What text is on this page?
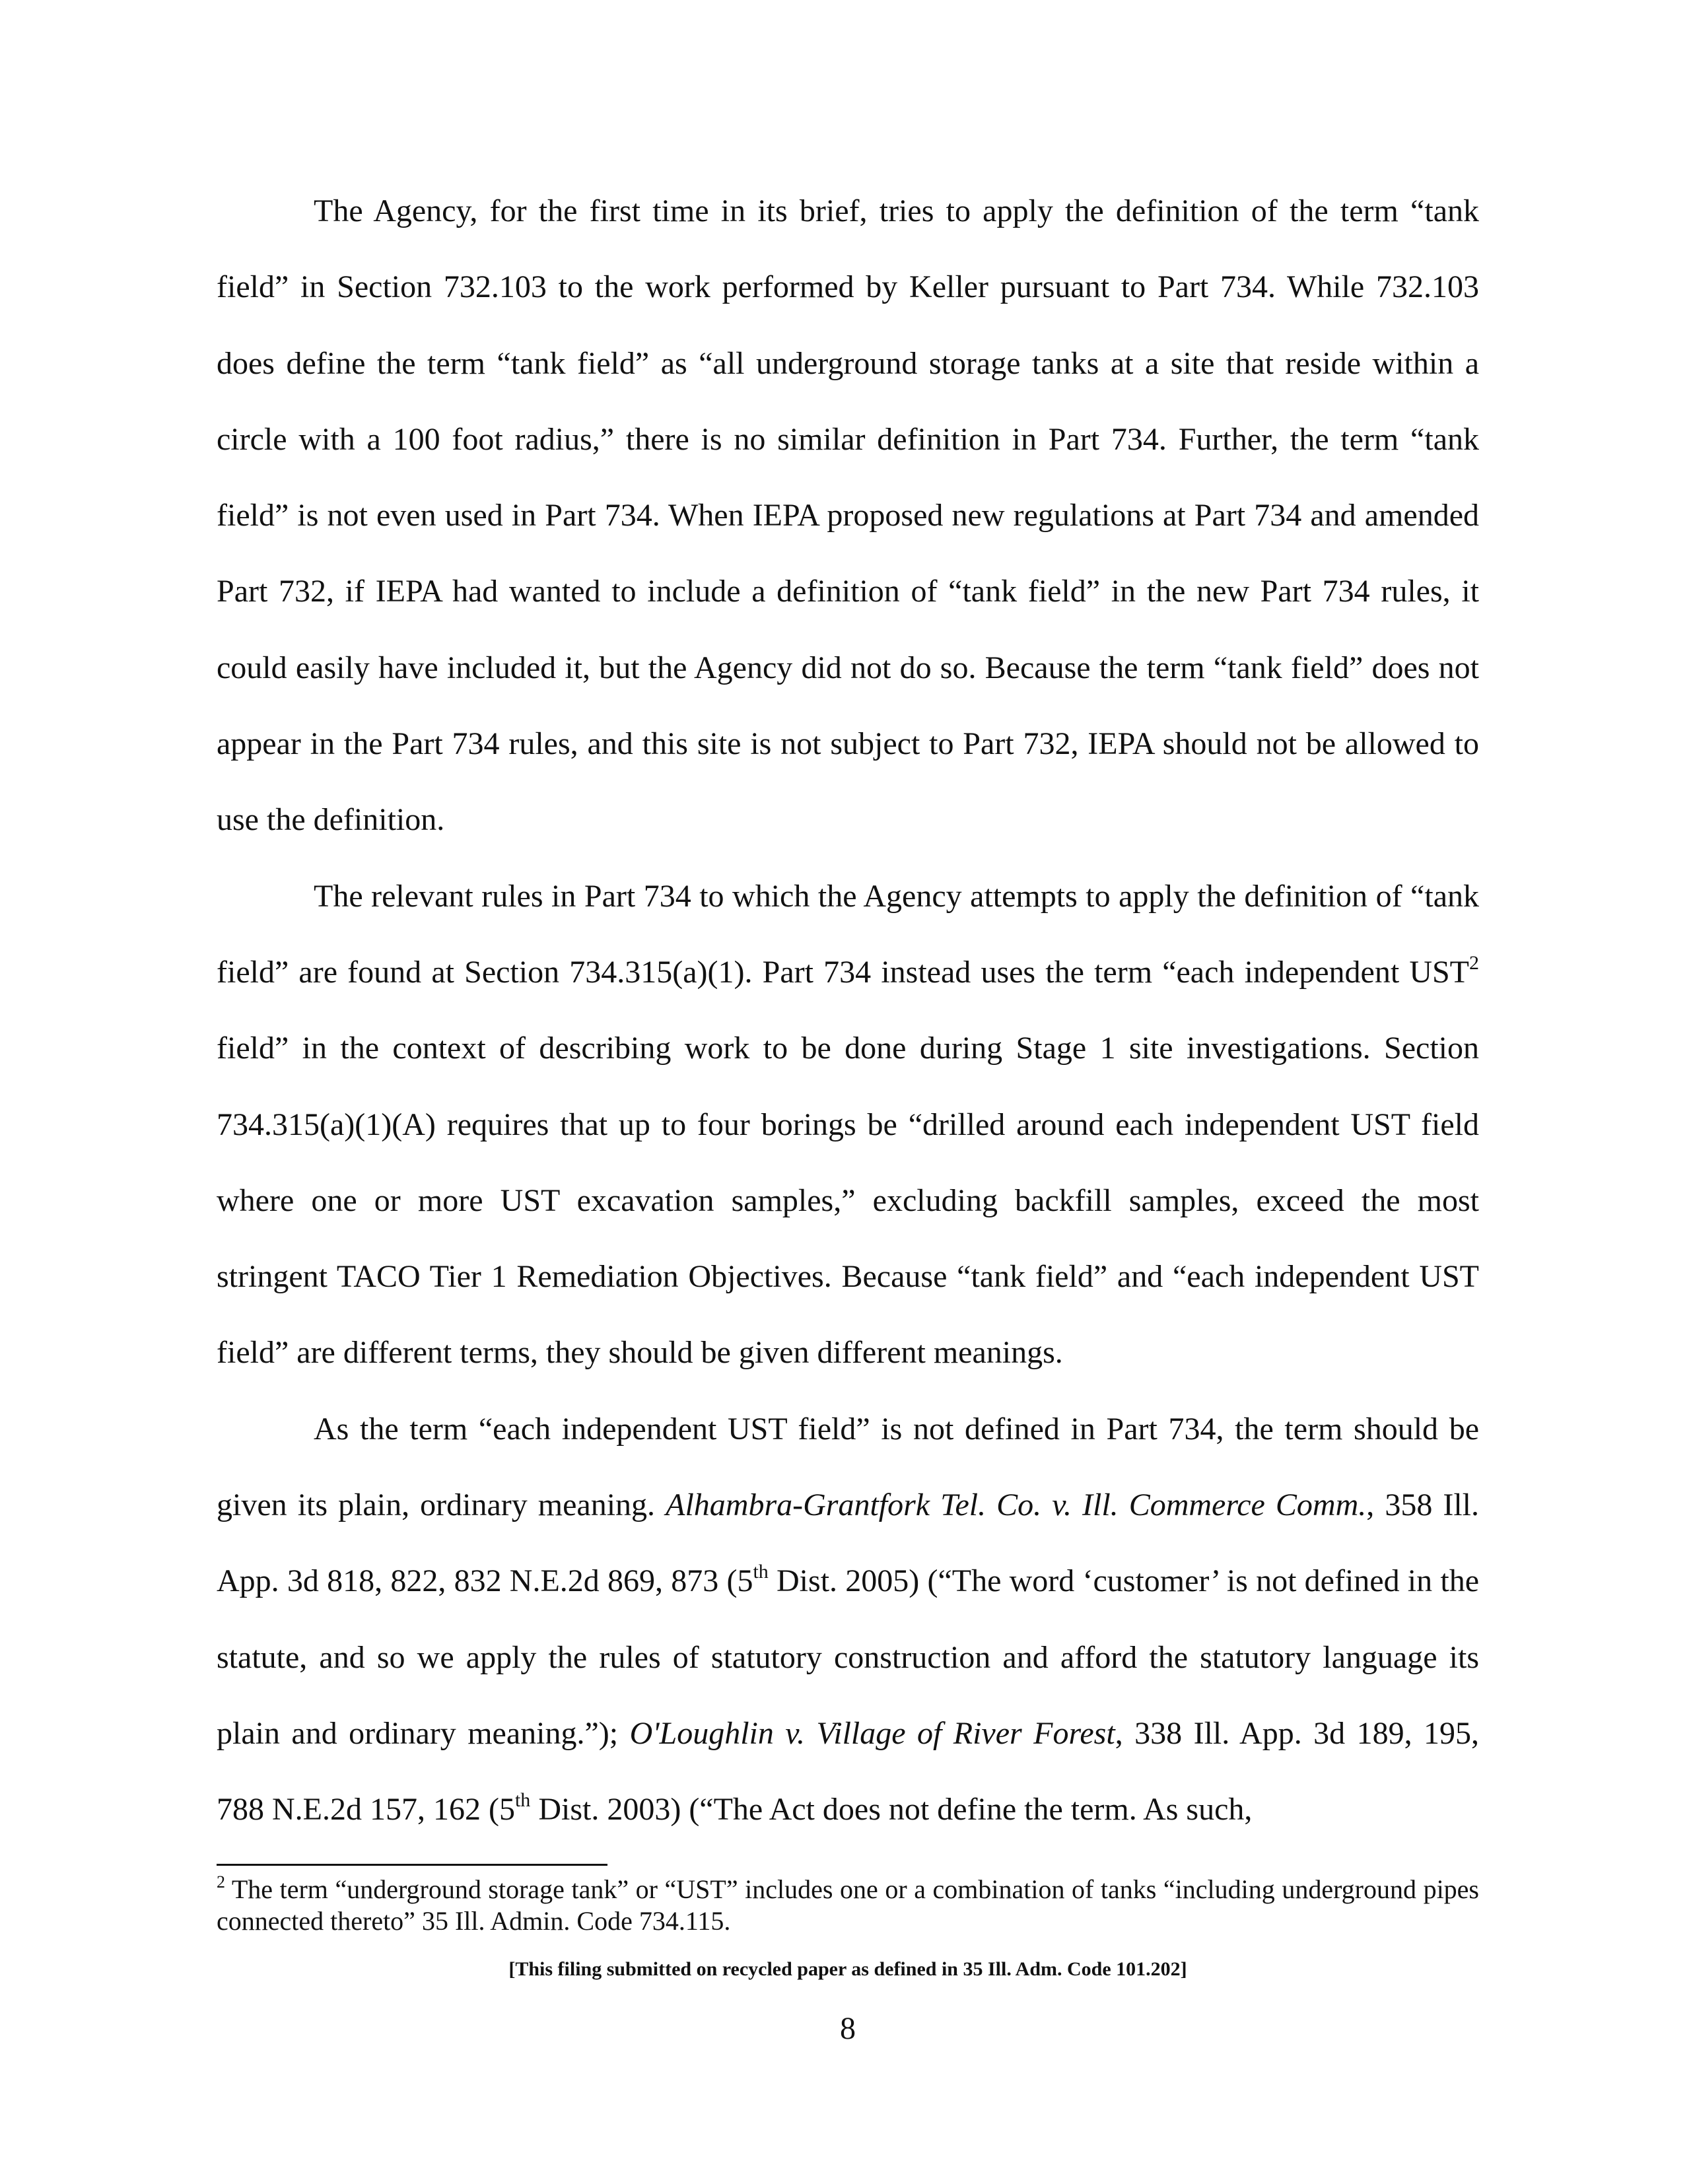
The Agency, for the first time in its brief, tries to apply the definition of the term “tank field” in Section 732.103 to the work performed by Keller pursuant to Part 734. While 732.103 does define the term “tank field” as “all underground storage tanks at a site that reside within a circle with a 100 foot radius,” there is no similar definition in Part 734. Further, the term “tank field” is not even used in Part 734. When IEPA proposed new regulations at Part 734 and amended Part 732, if IEPA had wanted to include a definition of “tank field” in the new Part 734 rules, it could easily have included it, but the Agency did not do so. Because the term “tank field” does not appear in the Part 734 rules, and this site is not subject to Part 732, IEPA should not be allowed to use the definition.

The relevant rules in Part 734 to which the Agency attempts to apply the definition of “tank field” are found at Section 734.315(a)(1). Part 734 instead uses the term “each independent UST$^2$ field” in the context of describing work to be done during Stage 1 site investigations. Section 734.315(a)(1)(A) requires that up to four borings be “drilled around each independent UST field where one or more UST excavation samples,” excluding backfill samples, exceed the most stringent TACO Tier 1 Remediation Objectives. Because “tank field” and “each independent UST field” are different terms, they should be given different meanings.

As the term “each independent UST field” is not defined in Part 734, the term should be given its plain, ordinary meaning. Alhambra-Grantfork Tel. Co. v. Ill. Commerce Comm., 358 Ill. App. 3d 818, 822, 832 N.E.2d 869, 873 (5th Dist. 2005) (“The word ‘customer’ is not defined in the statute, and so we apply the rules of statutory construction and afford the statutory language its plain and ordinary meaning.”); O'Loughlin v. Village of River Forest, 338 Ill. App. 3d 189, 195, 788 N.E.2d 157, 162 (5th Dist. 2003) (“The Act does not define the term. As such,

$^2$ The term “underground storage tank” or “UST” includes one or a combination of tanks “including underground pipes connected thereto” 35 Ill. Admin. Code 734.115.

[This filing submitted on recycled paper as defined in 35 Ill. Adm. Code 101.202]

8
